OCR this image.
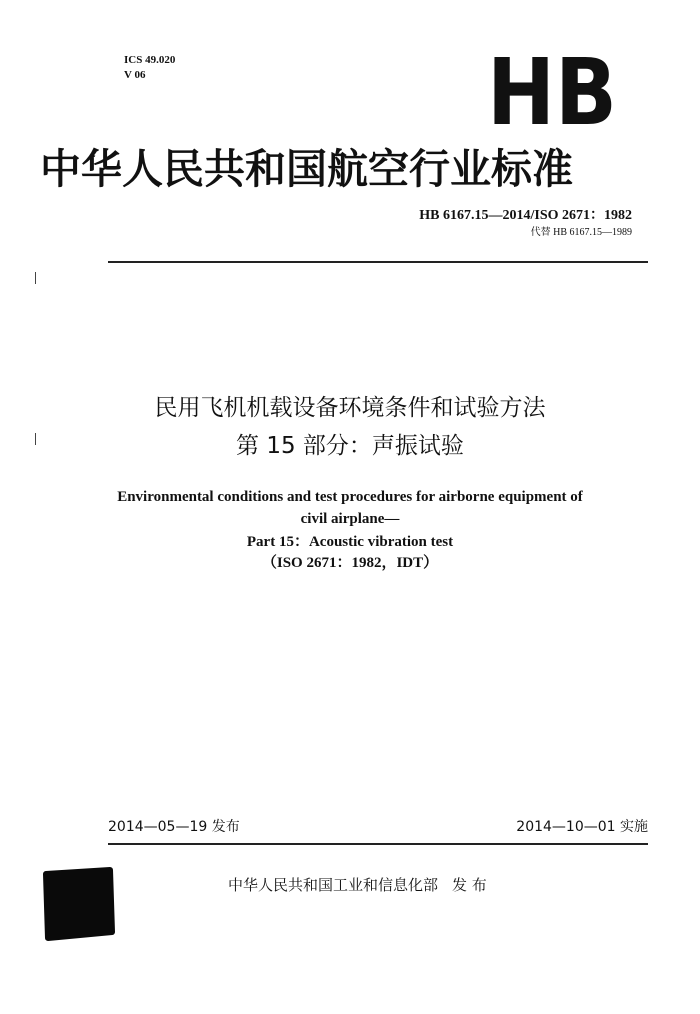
ICS 49.020
V 06	HB
中华人民共和国航空行业标准
HB 6167.15—2014/ISO 2671：1982
代替 HB 6167.15—1989
民用飞机机载设备环境条件和试验方法
第 15 部分：声振试验
Environmental conditions and test procedures for airborne equipment of
civil airplane—
Part 15：Acoustic vibration test
（ISO 2671：1982，IDT）
2014—05—19 发布	2014—10—01 实施
中华人民共和国工业和信息化部 发 布
